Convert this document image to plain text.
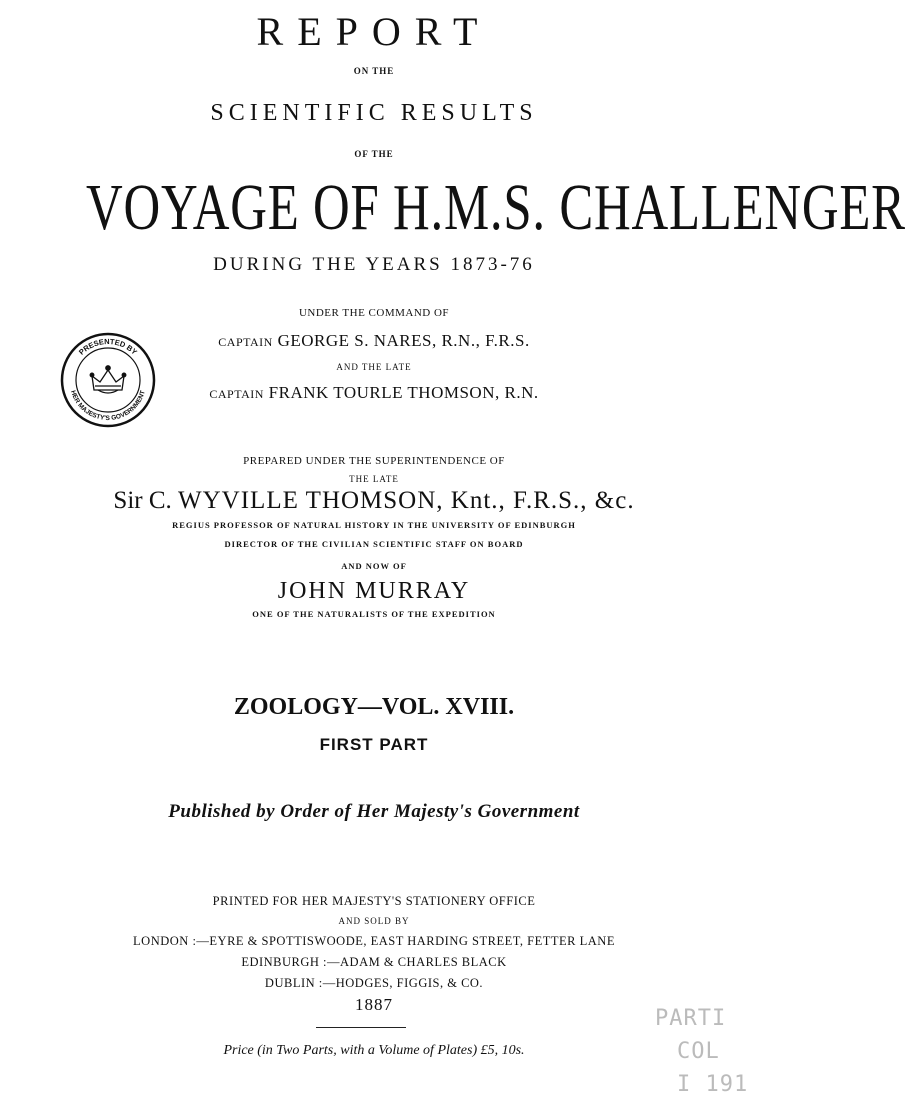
REPORT
ON THE
SCIENTIFIC RESULTS
OF THE
VOYAGE OF H.M.S. CHALLENGER
DURING THE YEARS 1873-76
UNDER THE COMMAND OF
CAPTAIN GEORGE S. NARES, R.N., F.R.S.
AND THE LATE
CAPTAIN FRANK TOURLE THOMSON, R.N.
PREPARED UNDER THE SUPERINTENDENCE OF
THE LATE
Sir C. WYVILLE THOMSON, Knt., F.R.S., &c.
REGIUS PROFESSOR OF NATURAL HISTORY IN THE UNIVERSITY OF EDINBURGH
DIRECTOR OF THE CIVILIAN SCIENTIFIC STAFF ON BOARD
AND NOW OF
JOHN MURRAY
ONE OF THE NATURALISTS OF THE EXPEDITION
ZOOLOGY—VOL. XVIII.
FIRST PART
Published by Order of Her Majesty's Government
PRINTED FOR HER MAJESTY'S STATIONERY OFFICE
AND SOLD BY
LONDON :—EYRE & SPOTTISWOODE, EAST HARDING STREET, FETTER LANE
EDINBURGH :—ADAM & CHARLES BLACK
DUBLIN :—HODGES, FIGGIS, & CO.
1887
Price (in Two Parts, with a Volume of Plates) £5, 10s.
PRESENTED BY
HER MAJESTY'S GOVERNMENT
PARTI
COL
I 191
